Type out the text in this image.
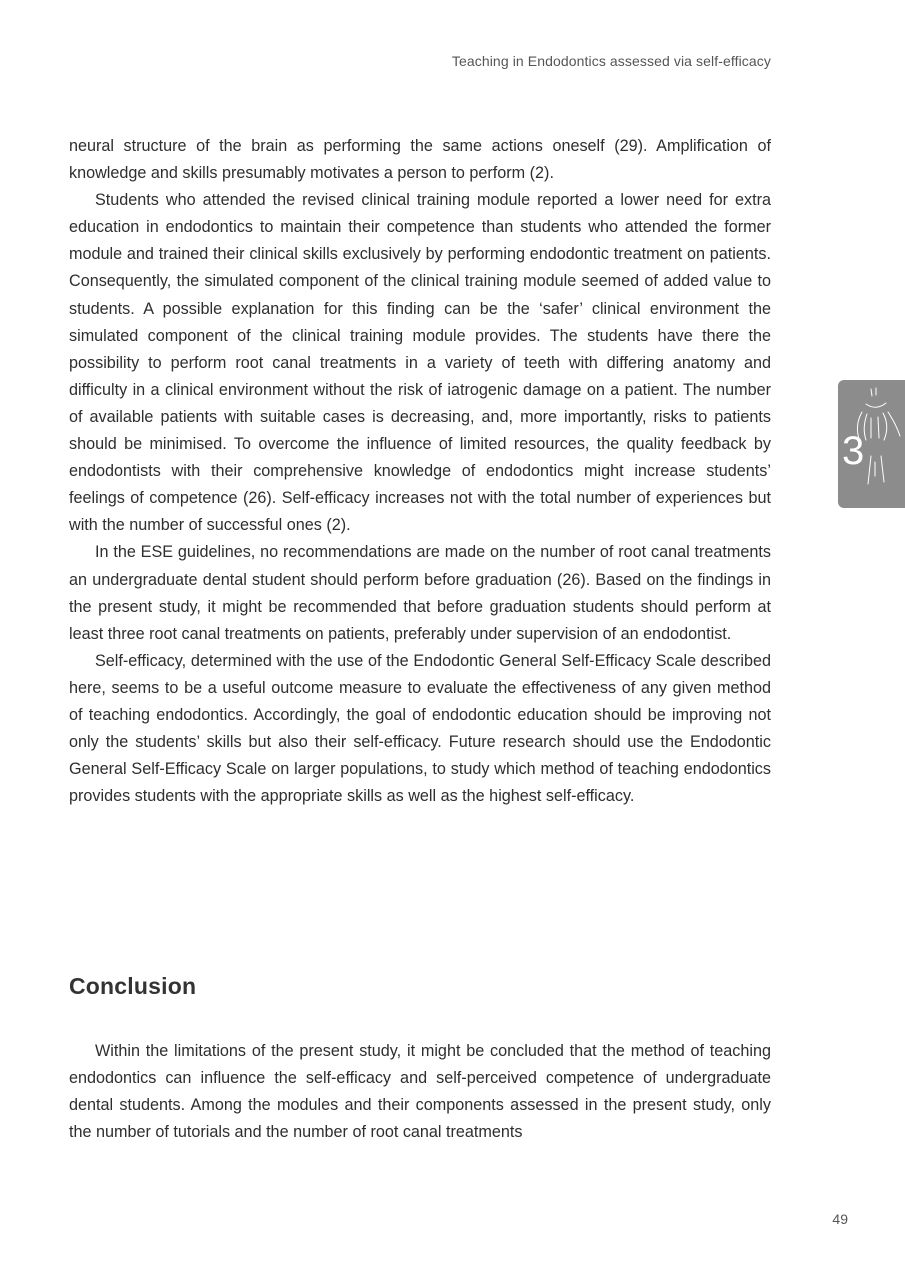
Teaching in Endodontics assessed via self-efficacy

neural structure of the brain as performing the same actions oneself (29). Amplification of knowledge and skills presumably motivates a person to perform (2).

Students who attended the revised clinical training module reported a lower need for extra education in endodontics to maintain their competence than students who attended the former module and trained their clinical skills exclusively by performing endodontic treatment on patients. Consequently, the simulated component of the clinical training module seemed of added value to students. A possible explanation for this finding can be the ‘safer’ clinical environment the simulated component of the clinical training module provides. The students have there the possibility to perform root canal treatments in a variety of teeth with differing anatomy and difficulty in a clinical environment without the risk of iatrogenic damage on a patient. The number of available patients with suitable cases is decreasing, and, more importantly, risks to patients should be minimised. To overcome the influence of limited resources, the quality feedback by endodontists with their comprehensive knowledge of endodontics might increase students’ feelings of competence (26). Self-efficacy increases not with the total number of experiences but with the number of successful ones (2).

In the ESE guidelines, no recommendations are made on the number of root canal treatments an undergraduate dental student should perform before graduation (26). Based on the findings in the present study, it might be recommended that before graduation students should perform at least three root canal treatments on patients, preferably under supervision of an endodontist.

Self-efficacy, determined with the use of the Endodontic General Self-Efficacy Scale described here, seems to be a useful outcome measure to evaluate the effectiveness of any given method of teaching endodontics. Accordingly, the goal of endodontic education should be improving not only the students’ skills but also their self-efficacy. Future research should use the Endodontic General Self-Efficacy Scale on larger populations, to study which method of teaching endodontics provides students with the appropriate skills as well as the highest self-efficacy.

Conclusion

Within the limitations of the present study, it might be concluded that the method of teaching endodontics can influence the self-efficacy and self-perceived competence of undergraduate dental students. Among the modules and their components assessed in the present study, only the number of tutorials and the number of root canal treatments

3
49
